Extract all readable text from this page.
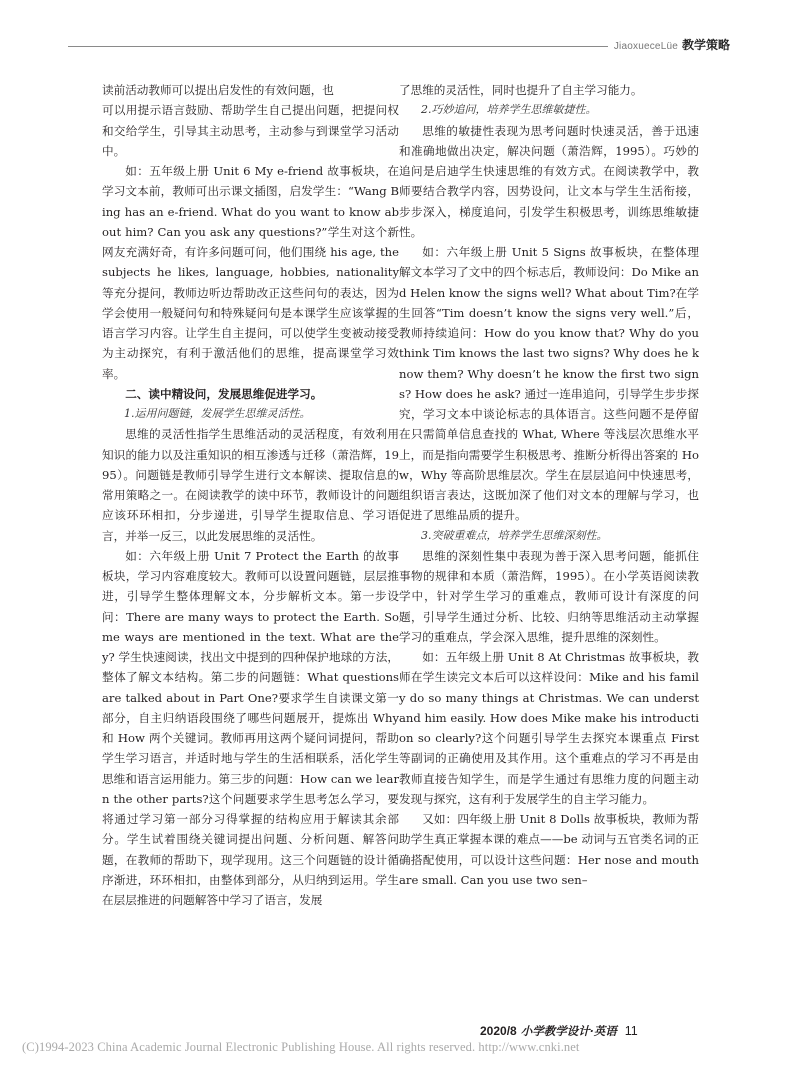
JiaoxueceLüe 教学策略

读前活动教师可以提出启发性的有效问题，也

可以用提示语言鼓励、帮助学生自己提出问题，把提问权和交给学生，引导其主动思考，主动参与到课堂学习活动中。

如：五年级上册 Unit 6 My e-friend 故事板块，在学习文本前，教师可出示课文插图，启发学生：“Wang Bing has an e-friend. What do you want to know about him? Can you ask any questions?”学生对这个新网友充满好奇，有许多问题可问，他们围绕 his age, the subjects he likes, language, hobbies, nationality 等充分提问，教师边听边帮助改正这些问句的表达，因为学会使用一般疑问句和特殊疑问句是本课学生应该掌握的语言学习内容。让学生自主提问，可以使学生变被动接受为主动探究，有利于激活他们的思维，提高课堂学习效率。

二、读中精设问，发展思维促进学习。

1.运用问题链，发展学生思维灵活性。

思维的灵活性指学生思维活动的灵活程度，有效利用知识的能力以及注重知识的相互渗透与迁移（萧浩辉，1995）。问题链是教师引导学生进行文本解读、提取信息的常用策略之一。在阅读教学的读中环节，教师设计的问题应该环环相扣，分步递进，引导学生提取信息、学习语言，并举一反三，以此发展思维的灵活性。

如：六年级上册 Unit 7 Protect the Earth 的故事板块，学习内容难度较大。教师可以设置问题链，层层推进，引导学生整体理解文本，分步解析文本。第一步设问：There are many ways to protect the Earth. Some ways are mentioned in the text. What are they? 学生快速阅读，找出文中提到的四种保护地球的方法，整体了解文本结构。第二步的问题链：What questions are talked about in Part One?要求学生自读课文第一部分，自主归纳语段围绕了哪些问题展开，提炼出 Why 和 How 两个关键词。教师再用这两个疑问词提问，帮助学生学习语言，并适时地与学生的生活相联系，活化学生思维和语言运用能力。第三步的问题：How can we learn the other parts?这个问题要求学生思考怎么学习，要将通过学习第一部分习得掌握的结构应用于解读其余部分。学生试着围绕关键词提出问题、分析问题、解答问题，在教师的帮助下，现学现用。这三个问题链的设计循序渐进，环环相扣，由整体到部分，从归纳到运用。学生在层层推进的问题解答中学习了语言，发展

了思维的灵活性，同时也提升了自主学习能力。

2.巧妙追问，培养学生思维敏捷性。

思维的敏捷性表现为思考问题时快速灵活，善于迅速和准确地做出决定，解决问题（萧浩辉，1995）。巧妙的追问是启迪学生快速思维的有效方式。在阅读教学中，教师要结合教学内容，因势设问，让文本与学生生活衔接，步步深入，梯度追问，引发学生积极思考，训练思维敏捷性。

如：六年级上册 Unit 5 Signs 故事板块，在整体理解文本学习了文中的四个标志后，教师设问：Do Mike and Helen know the signs well? What about Tim?在学生回答“Tim doesn’t know the signs very well.”后，教师持续追问：How do you know that? Why do you think Tim knows the last two signs? Why does he know them? Why doesn’t he know the first two signs? How does he ask? 通过一连串追问，引导学生步步探究，学习文本中谈论标志的具体语言。这些问题不是停留在只需简单信息查找的 What, Where 等浅层次思维水平上，而是指向需要学生积极思考、推断分析得出答案的 How，Why 等高阶思维层次。学生在层层追问中快速思考，组织语言表达，这既加深了他们对文本的理解与学习，也促进了思维品质的提升。

3.突破重难点，培养学生思维深刻性。

思维的深刻性集中表现为善于深入思考问题，能抓住事物的规律和本质（萧浩辉，1995）。在小学英语阅读教学中，针对学生学习的重难点，教师可设计有深度的问题，引导学生通过分析、比较、归纳等思维活动主动掌握学习的重难点，学会深入思维，提升思维的深刻性。

如：五年级上册 Unit 8 At Christmas 故事板块，教师在学生读完文本后可以这样设问：Mike and his family do so many things at Christmas. We can understand him easily. How does Mike make his introduction so clearly?这个问题引导学生去探究本课重点 First 等副词的正确使用及其作用。这个重难点的学习不再是由教师直接告知学生，而是学生通过有思维力度的问题主动发现与探究，这有利于发展学生的自主学习能力。

又如：四年级上册 Unit 8 Dolls 故事板块，教师为帮助学生真正掌握本课的难点——be 动词与五官类名词的正确搭配使用，可以设计这些问题：Her nose and mouth are small. Can you use two sen–

2020/8 小学教学设计·英语 11
(C)1994-2023 China Academic Journal Electronic Publishing House. All rights reserved. http://www.cnki.net
